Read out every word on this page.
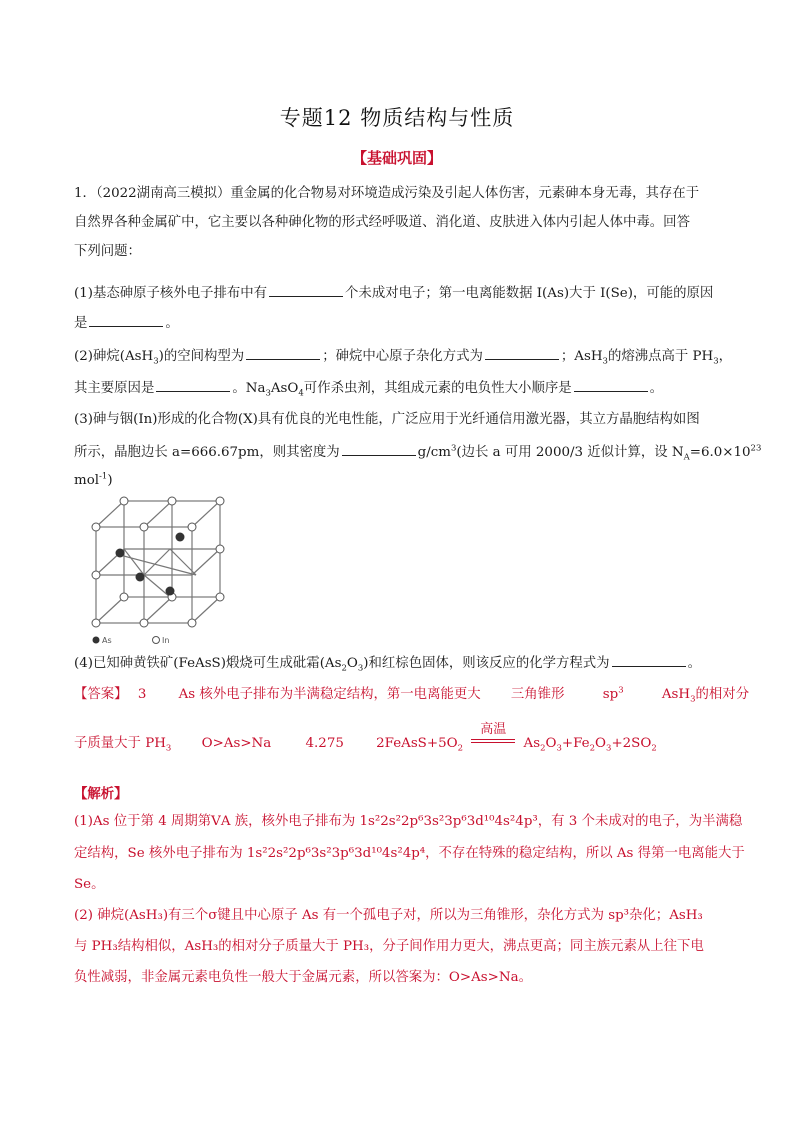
专题12 物质结构与性质
【基础巩固】
1．（2022湖南高三模拟）重金属的化合物易对环境造成污染及引起人体伤害，元素砷本身无毒，其存在于
自然界各种金属矿中，它主要以各种砷化物的形式经呼吸道、消化道、皮肤进入体内引起人体中毒。回答
下列问题：
(1)基态砷原子核外电子排布中有	个未成对电子；第一电离能数据 I(As)大于 I(Se)，可能的原因
是	。
(2)砷烷(AsH$_3$)的空间构型为	；砷烷中心原子杂化方式为	；AsH$_3$的熔沸点高于 $PH_3$，
其主要原因是	。$Na_3AsO_4$可作杀虫剂，其组成元素的电负性大小顺序是	。
(3)砷与铟(In)形成的化合物(X)具有优良的光电性能，广泛应用于光纤通信用激光器，其立方晶胞结构如图
所示，晶胞边长 a=666.67pm，则其密度为	$g/cm^3$(边长 a 可用 2000/3 近似计算，设 $N_A=6.0\times 10^{23}$
mol$^{-1}$)
As	In
(4)已知砷黄铁矿(FeAsS)煅烧可生成砒霜$(As_2O_3)$和红棕色固体，则该反应的化学方程式为	。
【答案】 3 As 核外电子排布为半满稳定结构，第一电离能更大 三角锥形	$sp^3$	AsH$_3$的相对分
子质量大于 $PH_3$ O>As>Na	4.275 $2FeAsS+5O_2$
高温
$As_2O_3+Fe_2O_3+2SO_2$
【解析】
(1)As 位于第 4 周期第ⅤA 族，核外电子排布为 1s²2s²2p⁶3s²3p⁶3d¹⁰4s²4p³，有 3 个未成对的电子，为半满稳
定结构，Se 核外电子排布为 1s²2s²2p⁶3s²3p⁶3d¹⁰4s²4p⁴，不存在特殊的稳定结构，所以 As 得第一电离能大于
Se。
(2) 砷烷(AsH₃)有三个σ键且中心原子 As 有一个孤电子对，所以为三角锥形，杂化方式为 sp³杂化；AsH₃
与 PH₃结构相似，AsH₃的相对分子质量大于 PH₃，分子间作用力更大，沸点更高；同主族元素从上往下电
负性减弱，非金属元素电负性一般大于金属元素，所以答案为：O>As>Na。
